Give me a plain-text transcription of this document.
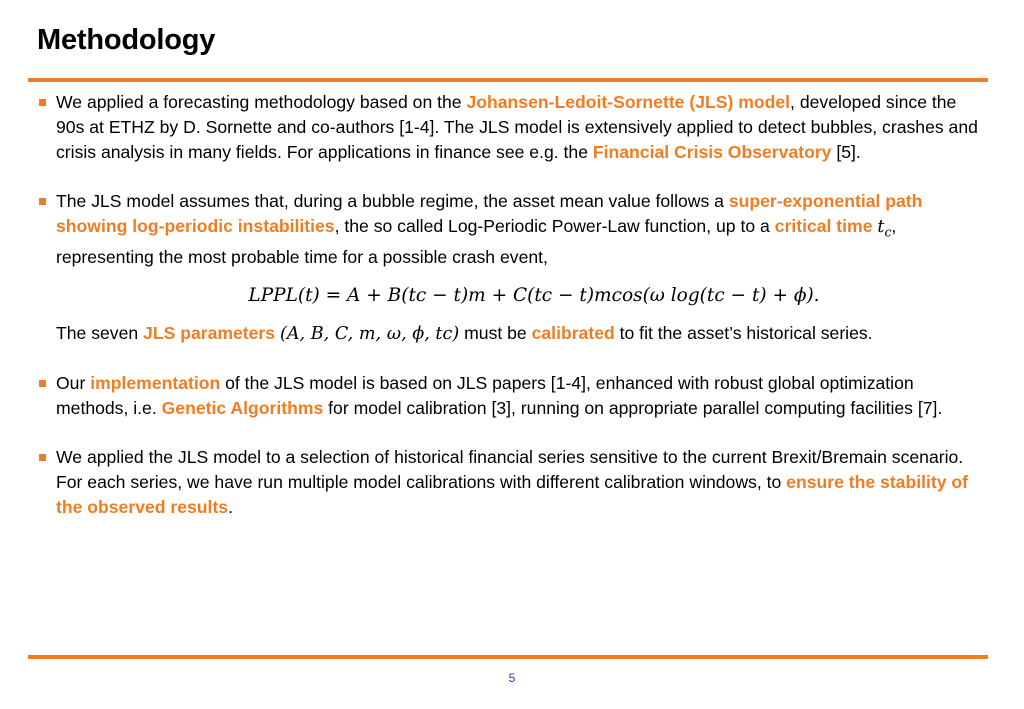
Methodology
We applied a forecasting methodology based on the Johansen-Ledoit-Sornette (JLS) model, developed since the 90s at ETHZ by D. Sornette and co-authors [1-4]. The JLS model is extensively applied to detect bubbles, crashes and crisis analysis in many fields. For applications in finance see e.g. the Financial Crisis Observatory [5].
The JLS model assumes that, during a bubble regime, the asset mean value follows a super-exponential path showing log-periodic instabilities, the so called Log-Periodic Power-Law function, up to a critical time $t_c$, representing the most probable time for a possible crash event,
LPPL(t) = A + B(tc − t)m + C(tc − t)mcos(ω log(tc − t) + ϕ).
The seven JLS parameters (A, B, C, m, ω, ϕ, tc) must be calibrated to fit the asset’s historical series.
Our implementation of the JLS model is based on JLS papers [1-4], enhanced with robust global optimization methods, i.e. Genetic Algorithms for model calibration [3], running on appropriate parallel computing facilities [7].
We applied the JLS model to a selection of historical financial series sensitive to the current Brexit/Bremain scenario. For each series, we have run multiple model calibrations with different calibration windows, to ensure the stability of the observed results.
5
